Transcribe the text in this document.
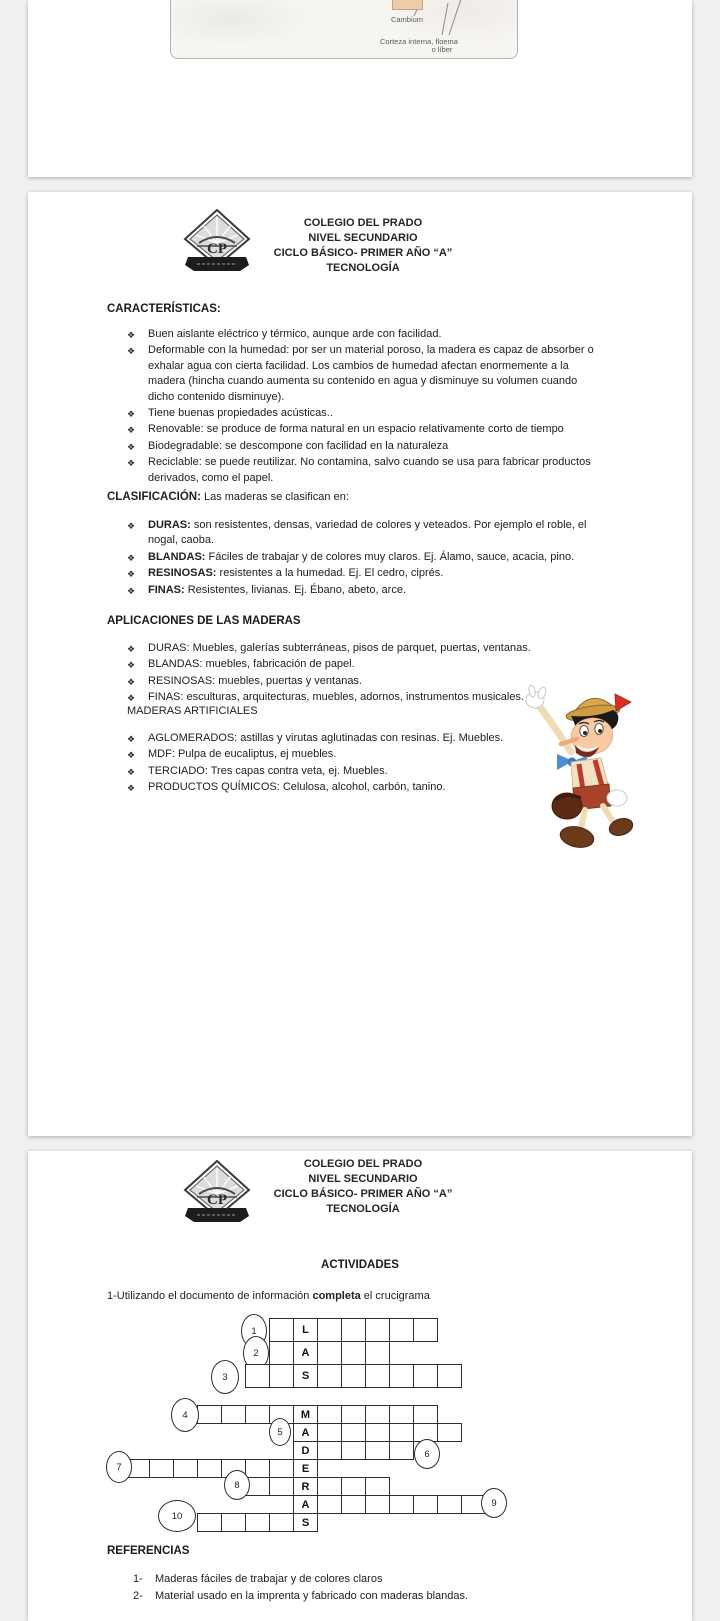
Cambium
Corteza interna, floema
o líber
CP
COLEGIO DEL PRADO
NIVEL SECUNDARIO
CICLO BÁSICO- PRIMER AÑO “A”
TECNOLOGÍA
CARACTERÍSTICAS:
❖ Buen aislante eléctrico y térmico, aunque arde con facilidad.
❖ Deformable con la humedad: por ser un material poroso, la madera es capaz de absorber o exhalar agua con cierta facilidad. Los cambios de humedad afectan enormemente a la madera (hincha cuando aumenta su contenido en agua y disminuye su volumen cuando dicho contenido disminuye).
❖ Tiene buenas propiedades acústicas..
❖ Renovable: se produce de forma natural en un espacio relativamente corto de tiempo
❖ Biodegradable: se descompone con facilidad en la naturaleza
❖ Reciclable: se puede reutilizar. No contamina, salvo cuando se usa para fabricar productos derivados, como el papel.
CLASIFICACIÓN: Las maderas se clasifican en:
❖ DURAS: son resistentes, densas, variedad de colores y veteados. Por ejemplo el roble, el nogal, caoba.
❖ BLANDAS: Fáciles de trabajar y de colores muy claros. Ej. Álamo, sauce, acacia, pino.
❖ RESINOSAS: resistentes a la humedad. Ej. El cedro, ciprés.
❖ FINAS: Resistentes, livianas. Ej. Ébano, abeto, arce.
APLICACIONES DE LAS MADERAS
❖ DURAS: Muebles, galerías subterráneas, pisos de parquet, puertas, ventanas.
❖ BLANDAS: muebles, fabricación de papel.
❖ RESINOSAS: muebles, puertas y ventanas.
❖ FINAS: esculturas, arquitecturas, muebles, adornos, instrumentos musicales.
MADERAS ARTIFICIALES
❖ AGLOMERADOS: astillas y virutas aglutinadas con resinas. Ej. Muebles.
❖ MDF: Pulpa de eucaliptus, ej muebles.
❖ TERCIADO: Tres capas contra veta, ej. Muebles.
❖ PRODUCTOS QUÍMICOS: Celulosa, alcohol, carbón, tanino.
CP
COLEGIO DEL PRADO
NIVEL SECUNDARIO
CICLO BÁSICO- PRIMER AÑO “A”
TECNOLOGÍA
ACTIVIDADES
1-Utilizando el documento de información completa el crucigrama
L
1
A
2
S
3
M
4
A
5
D	6
E
7
R
8
A	9
S
10
REFERENCIAS
1- Maderas fáciles de trabajar y de colores claros
2- Material usado en la imprenta y fabricado con maderas blandas.
